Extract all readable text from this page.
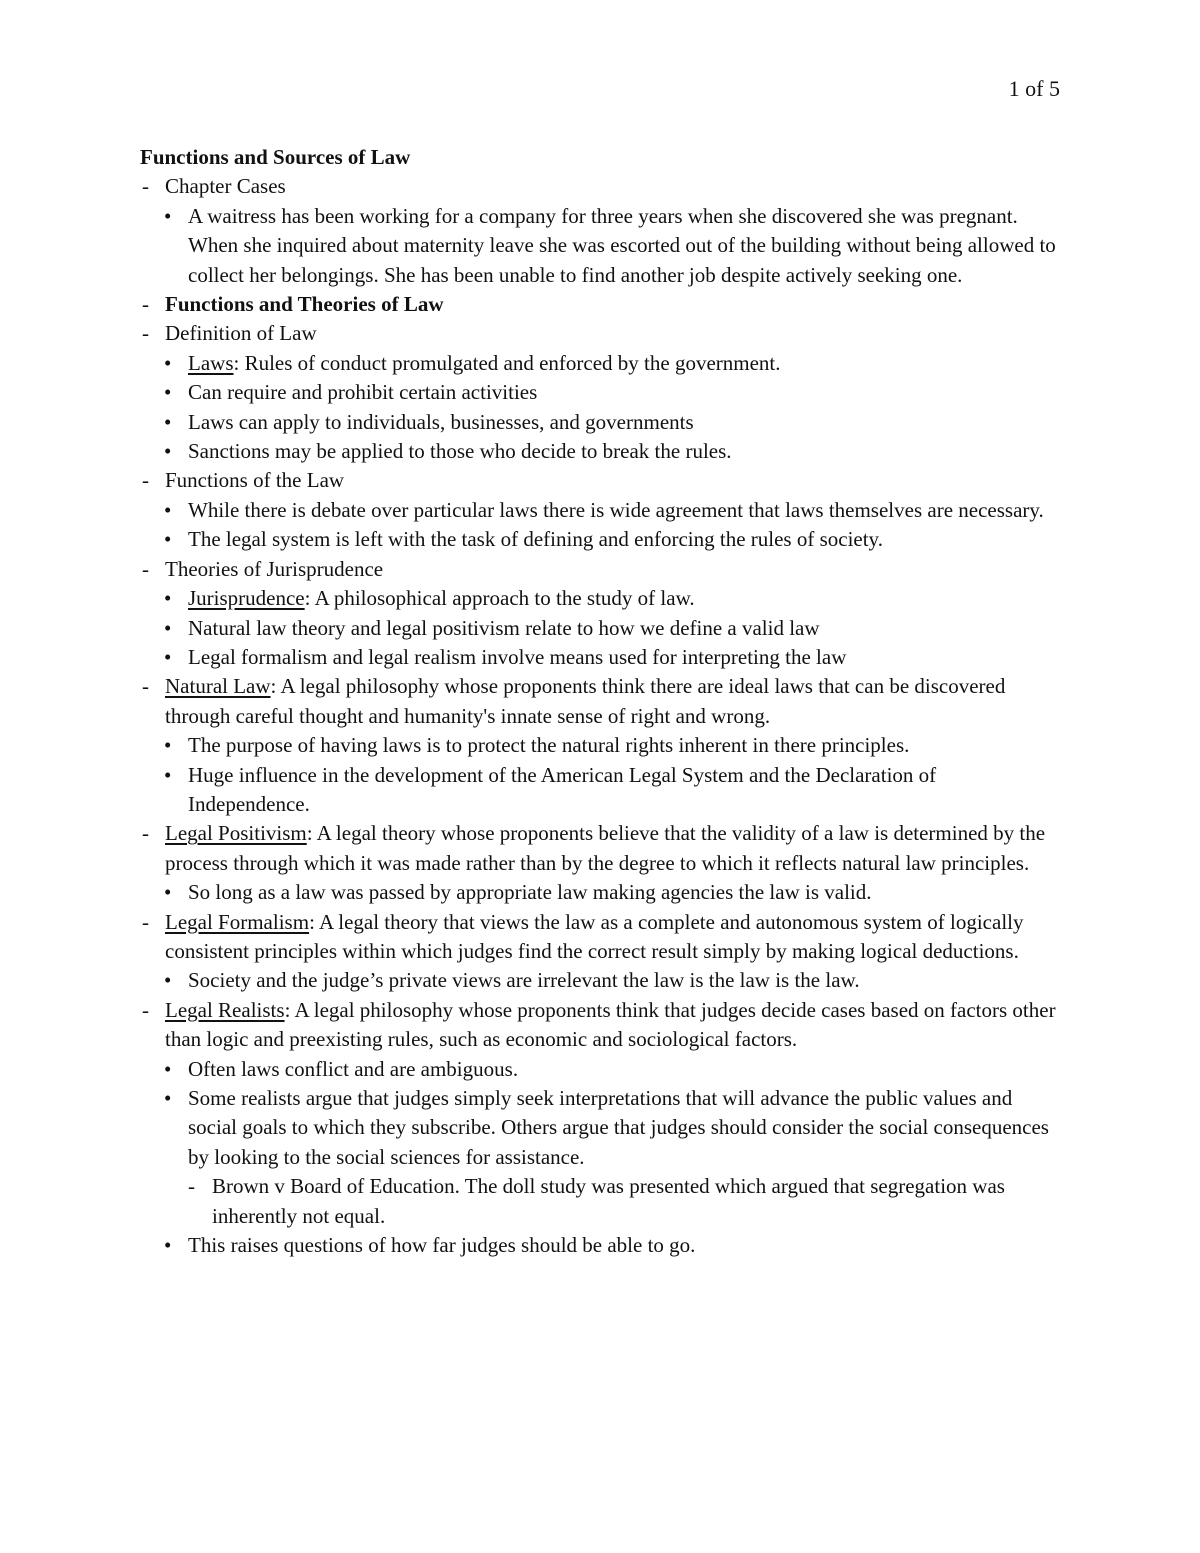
1 of 5
Functions and Sources of Law
- Chapter Cases
• A waitress has been working for a company for three years when she discovered she was pregnant. When she inquired about maternity leave she was escorted out of the building without being allowed to collect her belongings. She has been unable to find another job despite actively seeking one.
- Functions and Theories of Law
- Definition of Law
• Laws: Rules of conduct promulgated and enforced by the government.
• Can require and prohibit certain activities
• Laws can apply to individuals, businesses, and governments
• Sanctions may be applied to those who decide to break the rules.
- Functions of the Law
• While there is debate over particular laws there is wide agreement that laws themselves are necessary.
• The legal system is left with the task of defining and enforcing the rules of society.
- Theories of Jurisprudence
• Jurisprudence: A philosophical approach to the study of law.
• Natural law theory and legal positivism relate to how we define a valid law
• Legal formalism and legal realism involve means used for interpreting the law
- Natural Law: A legal philosophy whose proponents think there are ideal laws that can be discovered through careful thought and humanity's innate sense of right and wrong.
• The purpose of having laws is to protect the natural rights inherent in there principles.
• Huge influence in the development of the American Legal System and the Declaration of Independence.
- Legal Positivism: A legal theory whose proponents believe that the validity of a law is determined by the process through which it was made rather than by the degree to which it reflects natural law principles.
• So long as a law was passed by appropriate law making agencies the law is valid.
- Legal Formalism: A legal theory that views the law as a complete and autonomous system of logically consistent principles within which judges find the correct result simply by making logical deductions.
• Society and the judge’s private views are irrelevant the law is the law is the law.
- Legal Realists: A legal philosophy whose proponents think that judges decide cases based on factors other than logic and preexisting rules, such as economic and sociological factors.
• Often laws conflict and are ambiguous.
• Some realists argue that judges simply seek interpretations that will advance the public values and social goals to which they subscribe. Others argue that judges should consider the social consequences by looking to the social sciences for assistance.
- Brown v Board of Education. The doll study was presented which argued that segregation was inherently not equal.
• This raises questions of how far judges should be able to go.
